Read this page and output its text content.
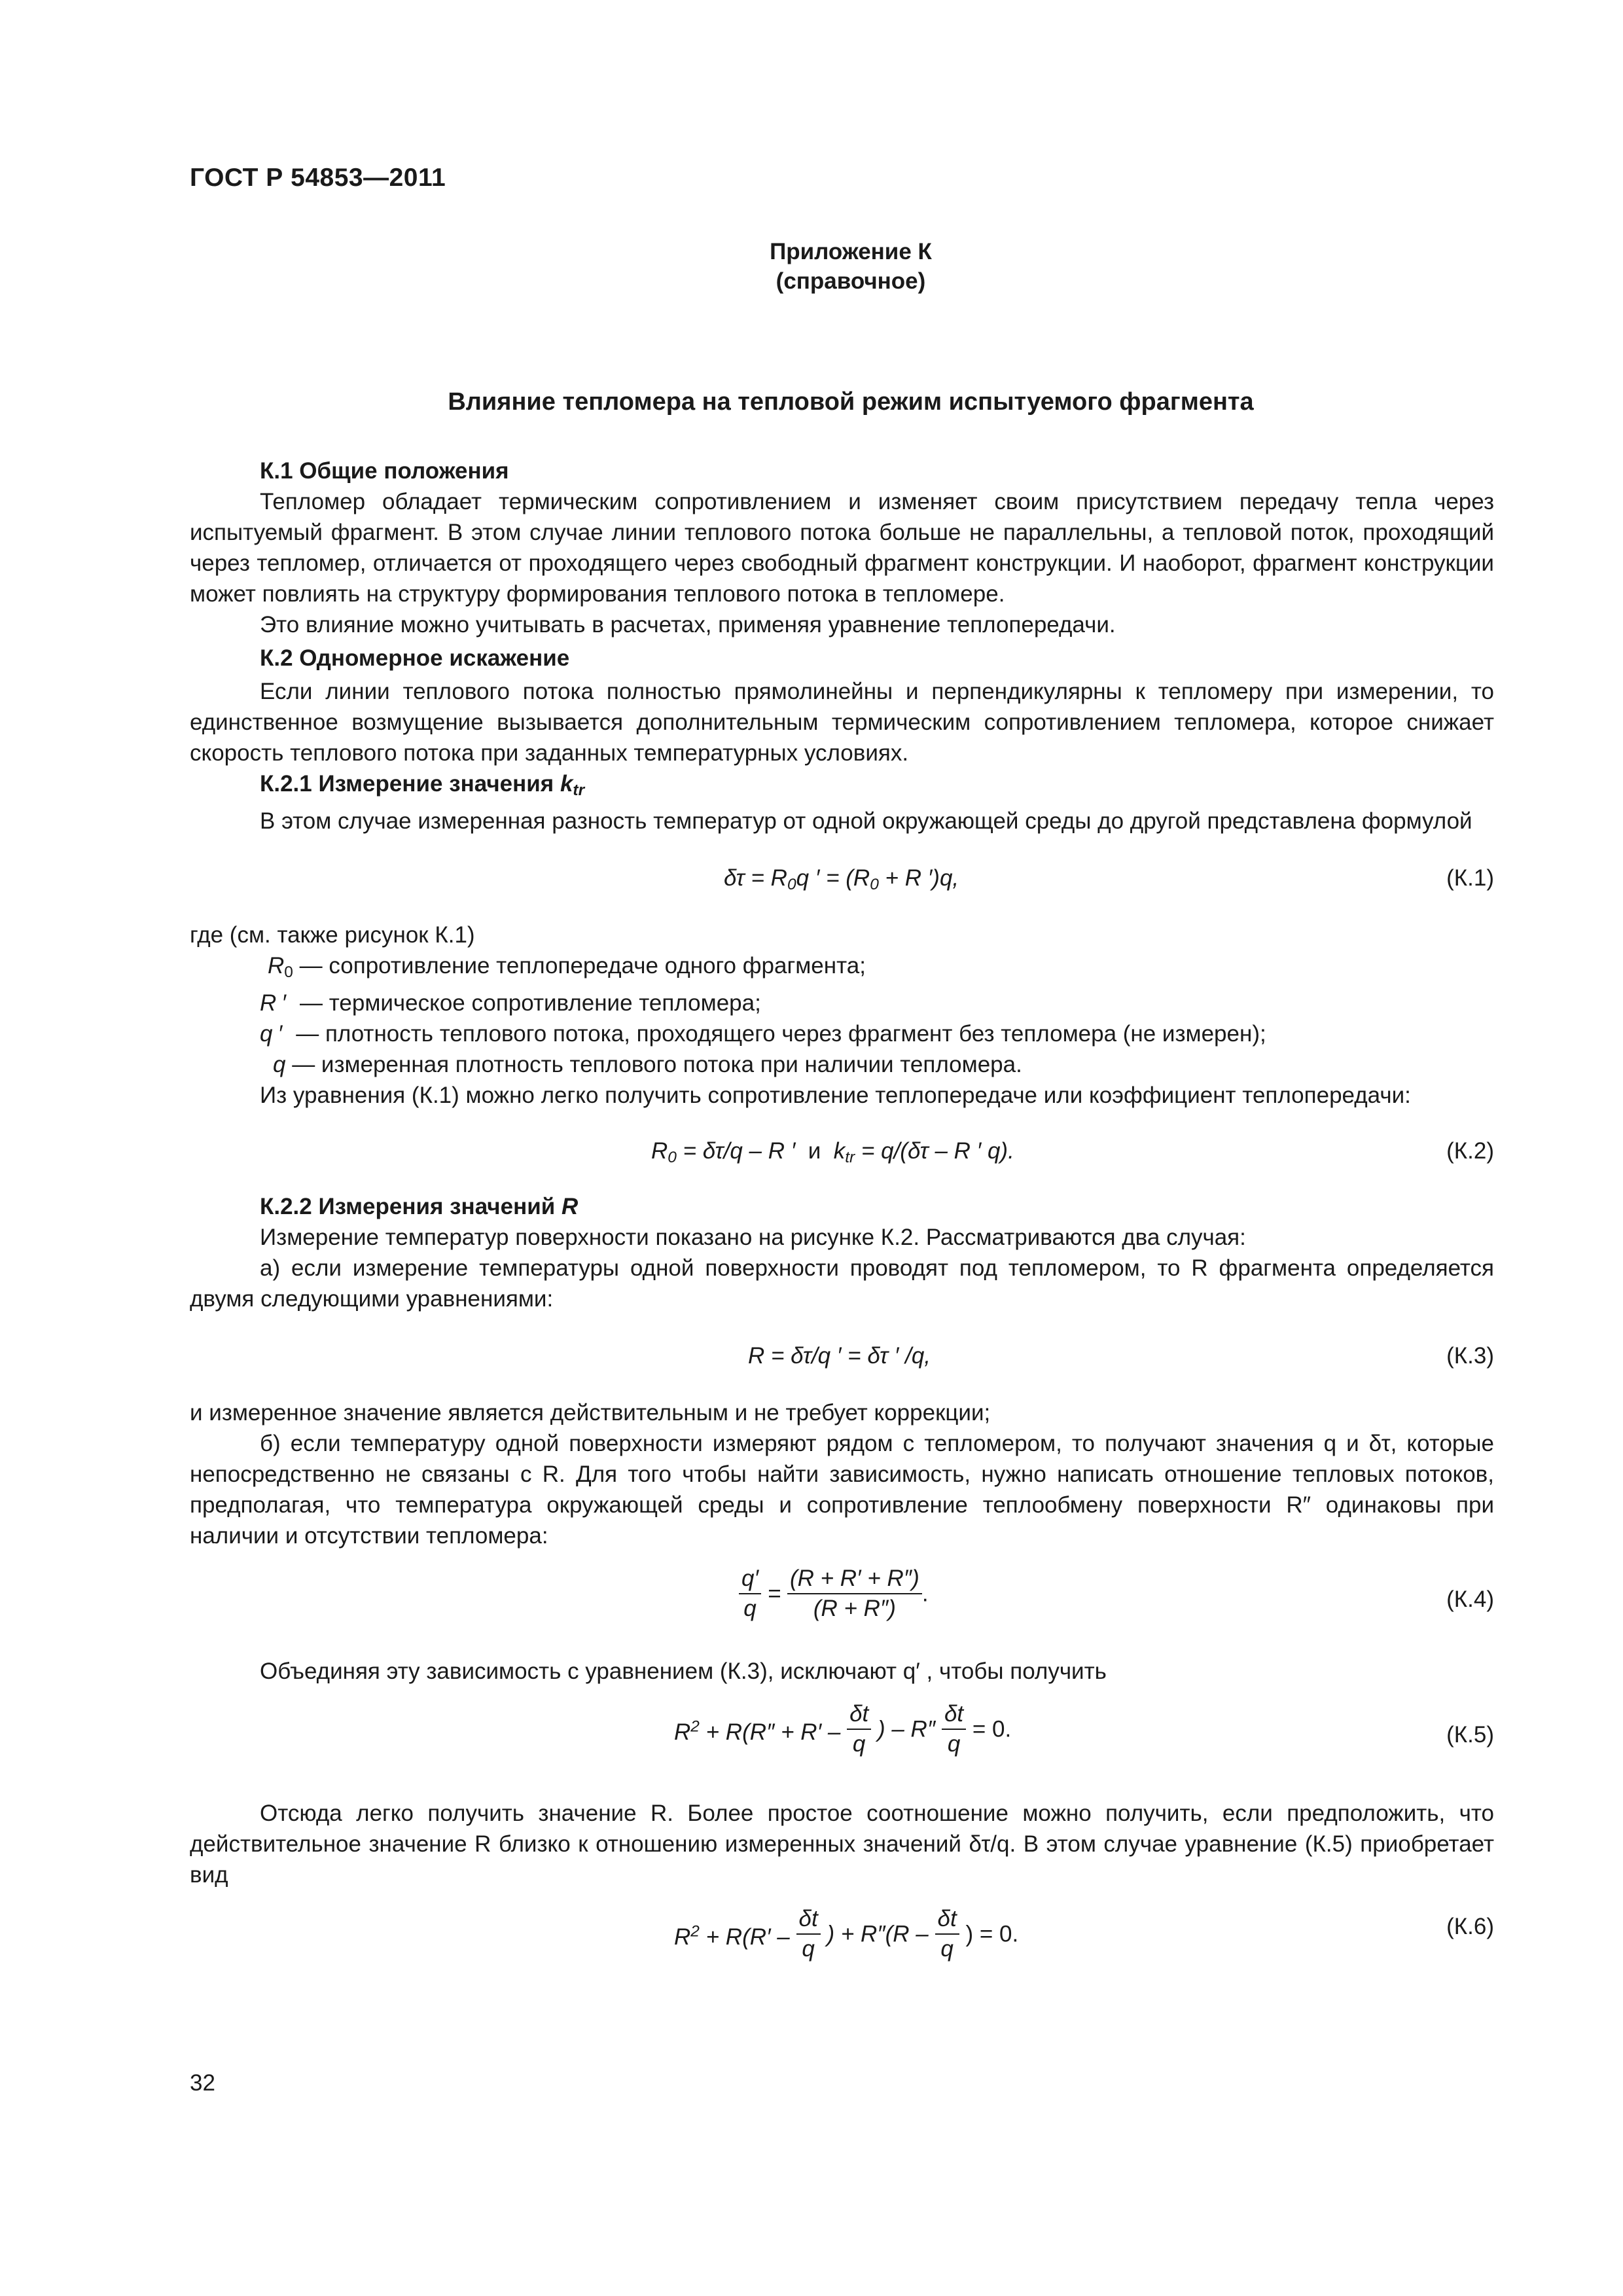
ГОСТ Р 54853—2011
Приложение К
(справочное)
Влияние тепломера на тепловой режим испытуемого фрагмента

К.1 Общие положения

Тепломер обладает термическим сопротивлением и изменяет своим присутствием передачу тепла через испытуемый фрагмент. В этом случае линии теплового потока больше не параллельны, а тепловой поток, проходящий через тепломер, отличается от проходящего через свободный фрагмент конструкции. И наоборот, фрагмент конструкции может повлиять на структуру формирования теплового потока в тепломере.

Это влияние можно учитывать в расчетах, применяя уравнение теплопередачи.

К.2 Одномерное искажение

Если линии теплового потока полностью прямолинейны и перпендикулярны к тепломеру при измерении, то единственное возмущение вызывается дополнительным термическим сопротивлением тепломера, которое снижает скорость теплового потока при заданных температурных условиях.

К.2.1 Измерение значения $k_{tr}$

В этом случае измеренная разность температур от одной окружающей среды до другой представлена формулой

$\delta\tau = R_0q$ ′ = ($R_0 + R$ ′)q,	(К.1)

где (см. также рисунок К.1)

$R_0$ — сопротивление теплопередаче одного фрагмента;

R ′  — термическое сопротивление тепломера;

q ′  — плотность теплового потока, проходящего через фрагмент без тепломера (не измерен);

q — измеренная плотность теплового потока при наличии тепломера.

Из уравнения (К.1) можно легко получить сопротивление теплопередаче или коэффициент теплопередачи:

$R_0 = \delta\tau/q - R$ ′  и $k_{tr} = q/(\delta\tau - R$ ′ q).	(К.2)

К.2.2 Измерения значений R

Измерение температур поверхности показано на рисунке К.2. Рассматриваются два случая:

а) если измерение температуры одной поверхности проводят под тепломером, то R фрагмента определяется двумя следующими уравнениями:

R = δτ/q ′ = δτ ′ /q,	(К.3)

и измеренное значение является действительным и не требует коррекции;

б) если температуру одной поверхности измеряют рядом с тепломером, то получают значения q и δτ, которые непосредственно не связаны с R. Для того чтобы найти зависимость, нужно написать отношение тепловых потоков, предполагая, что температура окружающей среды и сопротивление теплообмену поверхности R″ одинаковы при наличии и отсутствии тепломера:

$\frac{q'}{q} = \frac{(R + R' + R'')}{(R + R'')}$ .	(К.4)

Объединяя эту зависимость с уравнением (К.3), исключают q′ , чтобы получить

$R^2 + R(R'' + R' - \frac{\delta t}{q}$ ) – $R'' \frac{\delta t}{q} = 0$.	(К.5)

Отсюда легко получить значение R. Более простое соотношение можно получить, если предположить, что действительное значение R близко к отношению измеренных значений δτ/q. В этом случае уравнение (К.5) приобретает вид

$R^2 + R(R' - \frac{\delta t}{q}$ ) + $R''(R - \frac{\delta t}{q}$ ) = 0.	(К.6)
32
